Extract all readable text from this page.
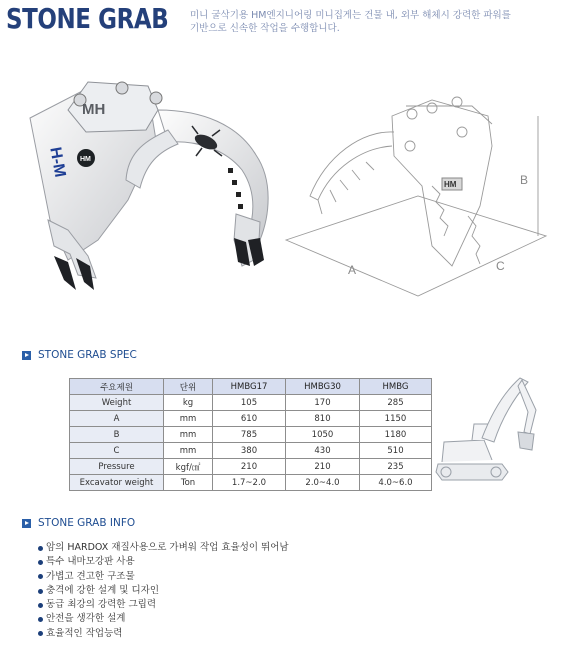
STONE GRAB 미니 굴삭기용 HM엔지니어링 미니집게는 건물 내, 외부 해체시 강력한 파워를
기반으로 신속한 작업을 수행합니다.
MH
HM
H-M
HM
A
B
C
STONE GRAB SPEC
주요제원	단위	HMBG17	HMBG30	HMBG
Weight	kg	105	170	285
A	mm	610	810	1150
B	mm	785	1050	1180
C	mm	380	430	510
Pressure	kgf/㎠	210	210	235
Excavator weight	Ton	1.7~2.0	2.0~4.0	4.0~6.0
STONE GRAB INFO
암의 HARDOX 재질사용으로 가벼워 작업 효율성이 뛰어남
특수 내마모강판 사용
가볍고 견고한 구조물
충격에 강한 설계 및 디자인
동급 최강의 강력한 그립력
안전을 생각한 설계
효율적인 작업능력
